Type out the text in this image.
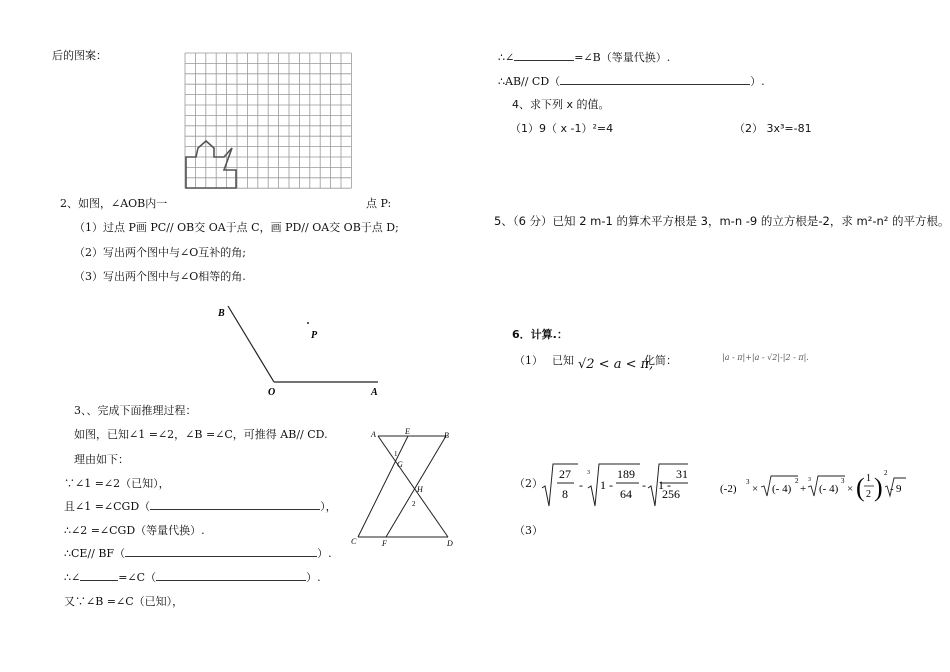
后的图案：
2、如图，∠AOB内一	点 P:
（1）过点 P画 PC// OB交 OA于点 C，画 PD// OA交 OB于点 D;
（2）写出两个图中与∠O互补的角;
（3）写出两个图中与∠O相等的角.
B
P
O	A
3、、完成下面推理过程：
如图，已知∠1 =∠2，∠B =∠C，可推得 AB// CD.
理由如下：
∵∠1 =∠2（已知），
且∠1 =∠CGD（	），
∴∠2 =∠CGD（等量代换）.
∴CE// BF（	）.
∴∠	=∠C（	）.
又∵∠B =∠C（已知），
A	E	B
G
1
H
2
C	F	D
∴∠	=∠B（等量代换）.
∴AB// CD（	）.
4、求下列 x 的值。
（1）9（ x -1）²=4	（2） 3x³=-81
5、（6 分）已知 2 m-1 的算术平方根是 3，m-n -9 的立方根是-2，求 m²-n² 的平方根。
6．计算.：
（1） 已知 √2 < a < π,
化简：	|a - π|+|a - √2|-|2 - π|.
（2）
27
8
-
3
1 -
189
64
- 1 -
31
256	(-2)
3
× (- 4)
2
+
3
(- 4)
3
× ( 1
2 ) 2
- 9
（3）
